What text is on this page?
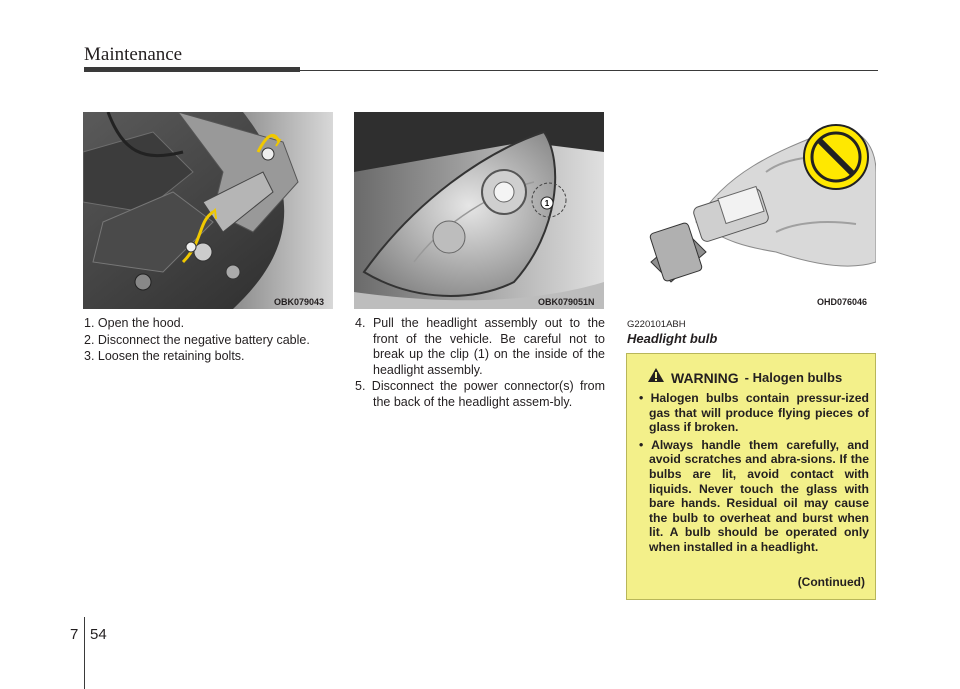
Maintenance
OBK079043
1
OBK079051N	OHD076046
1. Open the hood.
2. Disconnect the negative battery cable.
3. Loosen the retaining bolts.
4. Pull the headlight assembly out to the front of the vehicle. Be careful not to break up the clip (1) on the inside of the headlight assembly.
5. Disconnect the power connector(s) from the back of the headlight assem-bly.
G220101ABH
Headlight bulb
WARNING - Halogen bulbs
• Halogen bulbs contain pressur-ized gas that will produce flying pieces of glass if broken.
• Always handle them carefully, and avoid scratches and abra-sions. If the bulbs are lit, avoid contact with liquids. Never touch the glass with bare hands. Residual oil may cause the bulb to overheat and burst when lit. A bulb should be operated only when installed in a headlight.
(Continued)
7 54
